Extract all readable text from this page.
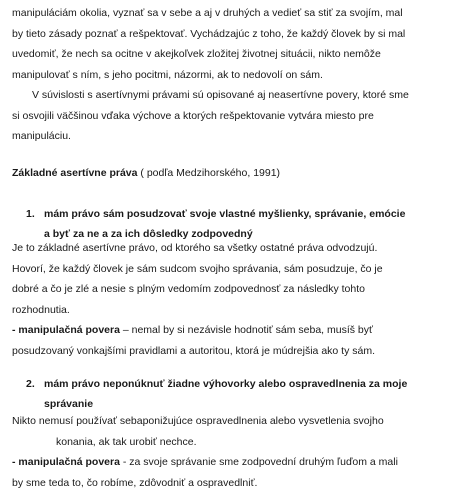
manipuláciám okolia, vyznať sa v sebe a aj v druhých a vedieť sa stiť za svojím, mal
by tieto zásady poznať a rešpektovať. Vychádzajúc z toho, že každý človek by si mal
uvedomiť, že nech sa ocitne v akejkoľvek zložitej životnej situácii, nikto nemôže
manipulovať s ním, s jeho pocitmi, názormi, ak to nedovolí on sám.
V súvislosti s asertívnymi právami sú opisované aj neasertívne povery, ktoré sme
si osvojili väčšinou vďaka výchove a ktorých rešpektovanie vytvára miesto pre
manipuláciu.
Základné asertívne práva ( podľa Medzihorského, 1991)
1. mám právo sám posudzovať svoje vlastné myšlienky, správanie, emócie
a byť za ne a za ich dôsledky zodpovedný
Je to základné asertívne právo, od ktorého sa všetky ostatné práva odvodzujú.
Hovorí, že každý človek je sám sudcom svojho správania, sám posudzuje, čo je
dobré a čo je zlé a nesie s plným vedomím zodpovednosť za následky tohto
rozhodnutia.
- manipulačná povera – nemal by si nezávisle hodnotiť sám seba, musíš byť
posudzovaný vonkajšími pravidlami a autoritou, ktorá je múdrejšia ako ty sám.
2. mám právo neponúknuť žiadne výhovorky alebo ospravedlnenia za moje
správanie
Nikto nemusí používať sebaponižujúce ospravedlnenia alebo vysvetlenia svojho
konania, ak tak urobiť nechce.
- manipulačná povera - za svoje správanie sme zodpovední druhým ľuďom a mali
by sme teda to, čo robíme, zdôvodniť a ospravedlniť.
